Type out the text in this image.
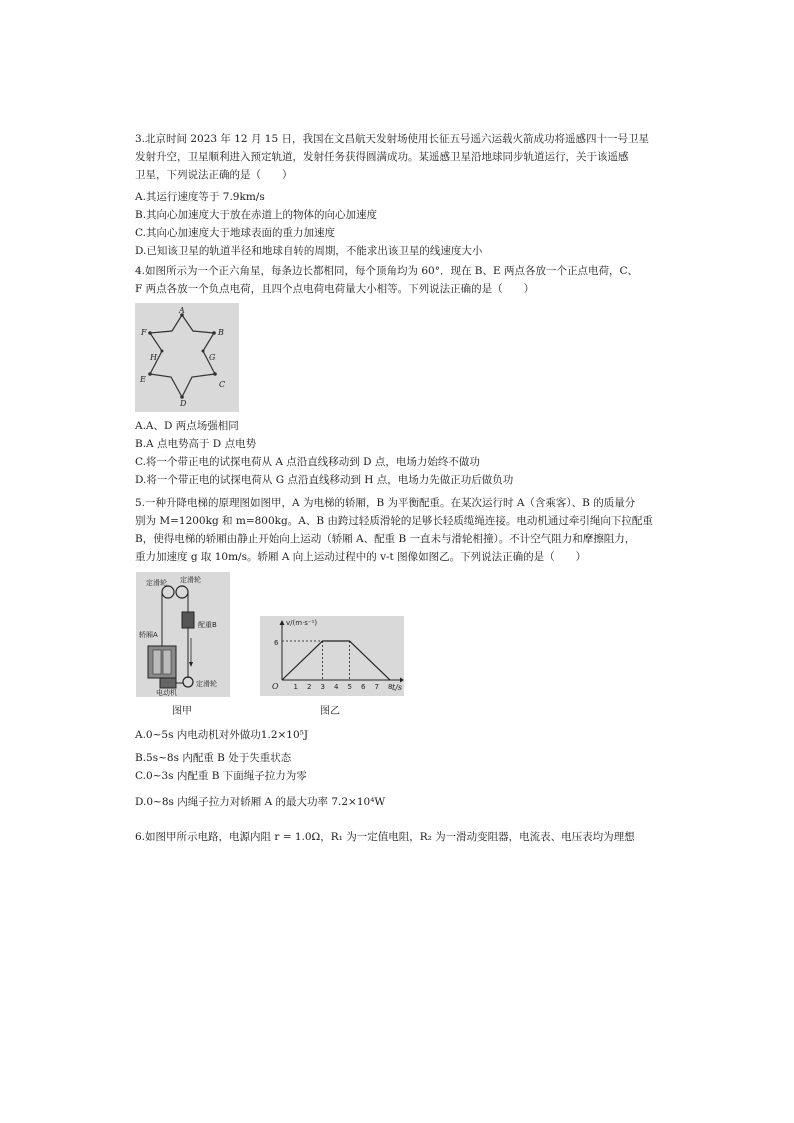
3.北京时间 2023 年 12 月 15 日，我国在文昌航天发射场使用长征五号遥六运载火箭成功将遥感四十一号卫星
发射升空，卫星顺利进入预定轨道，发射任务获得圆满成功。某遥感卫星沿地球同步轨道运行，关于该遥感
卫星，下列说法正确的是（　　）
A.其运行速度等于 7.9km/s
B.其向心加速度大于放在赤道上的物体的向心加速度
C.其向心加速度大于地球表面的重力加速度
D.已知该卫星的轨道半径和地球自转的周期，不能求出该卫星的线速度大小
4.如图所示为一个正六角星，每条边长都相同，每个顶角均为 60°．现在 B、E 两点各放一个正点电荷，C、
F 两点各放一个负点电荷，且四个点电荷电荷量大小相等。下列说法正确的是（　　）
A
F	B
H	G
E
C
D
A.A、D 两点场强相同
B.A 点电势高于 D 点电势
C.将一个带正电的试探电荷从 A 点沿直线移动到 D 点，电场力始终不做功
D.将一个带正电的试探电荷从 G 点沿直线移动到 H 点，电场力先做正功后做负功
5.一种升降电梯的原理图如图甲，A 为电梯的轿厢，B 为平衡配重。在某次运行时 A（含乘客）、B 的质量分
别为 M=1200kg 和 m=800kg。A、B 由跨过轻质滑轮的足够长轻质缆绳连接。电动机通过牵引绳向下拉配重
B，使得电梯的轿厢由静止开始向上运动（轿厢 A、配重 B 一直未与滑轮相撞）。不计空气阻力和摩擦阻力，
重力加速度 g 取 10m/s。轿厢 A 向上运动过程中的 v-t 图像如图乙。下列说法正确的是（　　）
定滑轮 定滑轮
配重B
轿厢A
定滑轮
电动机
图甲
1 2 3 4 5 6 7 8
v/(m·s⁻¹)
t/s
O
6
图乙
A.0~5s 内电动机对外做功1.2×10⁵J
B.5s~8s 内配重 B 处于失重状态
C.0~3s 内配重 B 下面绳子拉力为零
D.0~8s 内绳子拉力对轿厢 A 的最大功率 7.2×10⁴W
6.如图甲所示电路，电源内阻 r = 1.0Ω，R₁ 为一定值电阻，R₂ 为一滑动变阻器，电流表、电压表均为理想
